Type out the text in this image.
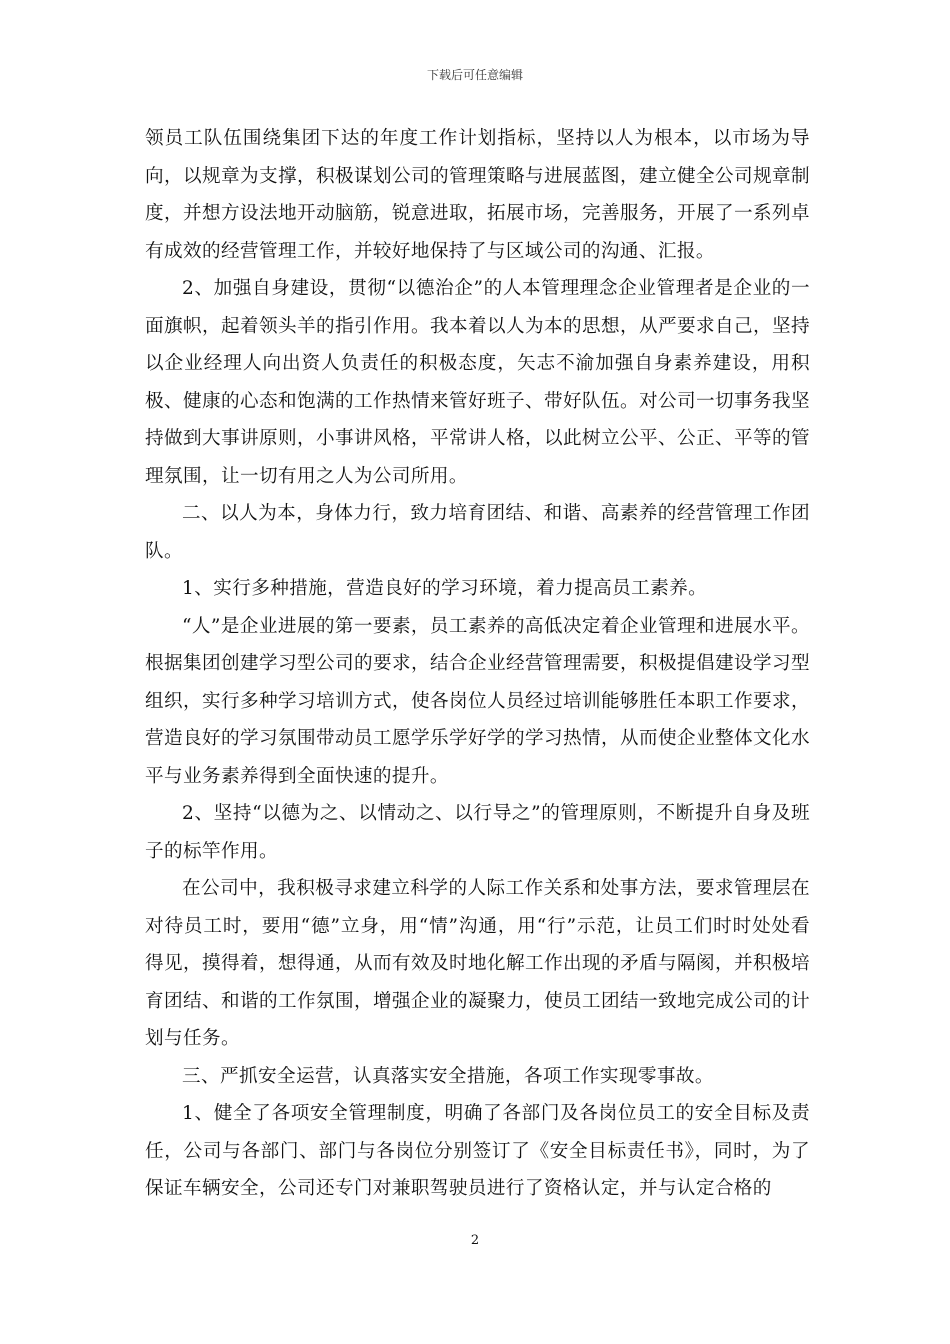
下载后可任意编辑

领员工队伍围绕集团下达的年度工作计划指标，坚持以人为根本，以市场为导向，以规章为支撑，积极谋划公司的管理策略与进展蓝图，建立健全公司规章制度，并想方设法地开动脑筋，锐意进取，拓展市场，完善服务，开展了一系列卓有成效的经营管理工作，并较好地保持了与区域公司的沟通、汇报。

2、加强自身建设，贯彻“以德治企”的人本管理理念企业管理者是企业的一面旗帜，起着领头羊的指引作用。我本着以人为本的思想，从严要求自己，坚持以企业经理人向出资人负责任的积极态度，矢志不渝加强自身素养建设，用积极、健康的心态和饱满的工作热情来管好班子、带好队伍。对公司一切事务我坚持做到大事讲原则，小事讲风格，平常讲人格，以此树立公平、公正、平等的管理氛围，让一切有用之人为公司所用。

二、以人为本，身体力行，致力培育团结、和谐、高素养的经营管理工作团队。

1、实行多种措施，营造良好的学习环境，着力提高员工素养。

“人”是企业进展的第一要素，员工素养的高低决定着企业管理和进展水平。根据集团创建学习型公司的要求，结合企业经营管理需要，积极提倡建设学习型组织，实行多种学习培训方式，使各岗位人员经过培训能够胜任本职工作要求，营造良好的学习氛围带动员工愿学乐学好学的学习热情，从而使企业整体文化水平与业务素养得到全面快速的提升。

2、坚持“以德为之、以情动之、以行导之”的管理原则，不断提升自身及班子的标竿作用。

在公司中，我积极寻求建立科学的人际工作关系和处事方法，要求管理层在对待员工时，要用“德”立身，用“情”沟通，用“行”示范，让员工们时时处处看得见，摸得着，想得通，从而有效及时地化解工作出现的矛盾与隔阂，并积极培育团结、和谐的工作氛围，增强企业的凝聚力，使员工团结一致地完成公司的计划与任务。

三、严抓安全运营，认真落实安全措施，各项工作实现零事故。

1、健全了各项安全管理制度，明确了各部门及各岗位员工的安全目标及责任，公司与各部门、部门与各岗位分别签订了《安全目标责任书》，同时，为了保证车辆安全，公司还专门对兼职驾驶员进行了资格认定，并与认定合格的

2
